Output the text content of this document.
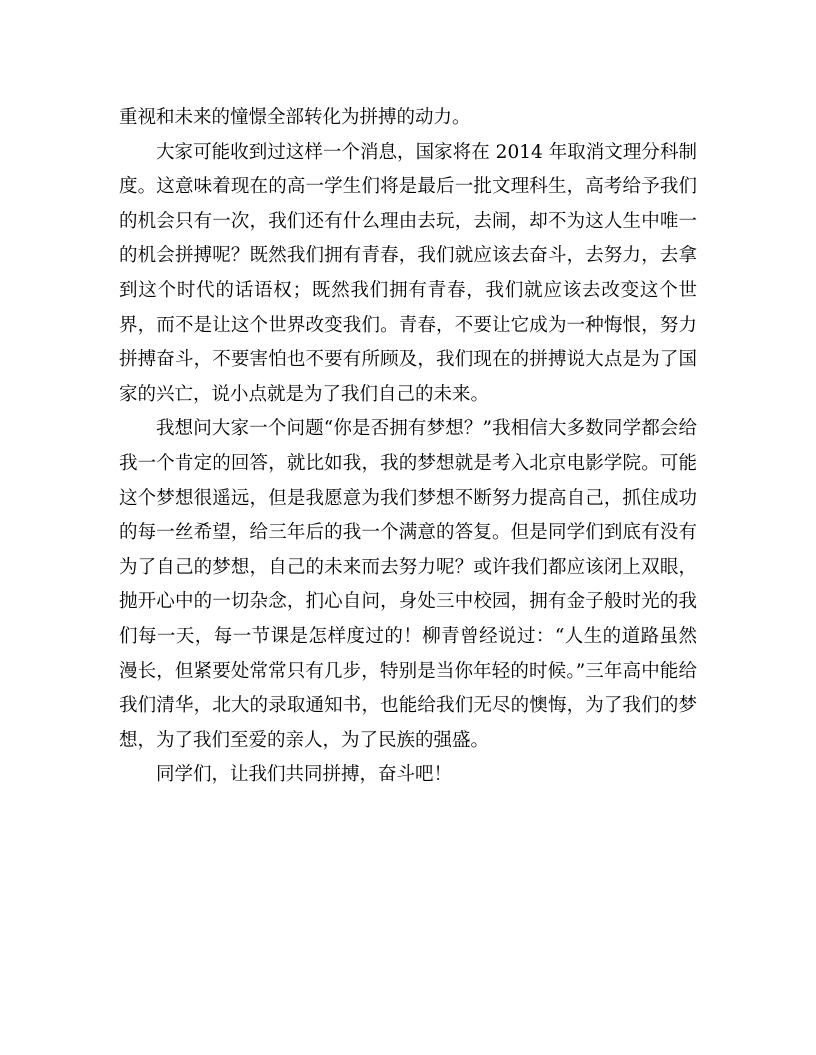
重视和未来的憧憬全部转化为拼搏的动力。

大家可能收到过这样一个消息，国家将在 2014 年取消文理分科制度。这意味着现在的高一学生们将是最后一批文理科生，高考给予我们的机会只有一次，我们还有什么理由去玩，去闹，却不为这人生中唯一的机会拼搏呢？既然我们拥有青春，我们就应该去奋斗，去努力，去拿到这个时代的话语权；既然我们拥有青春，我们就应该去改变这个世界，而不是让这个世界改变我们。青春，不要让它成为一种悔恨，努力拼搏奋斗，不要害怕也不要有所顾及，我们现在的拼搏说大点是为了国家的兴亡，说小点就是为了我们自己的未来。

我想问大家一个问题“你是否拥有梦想？”我相信大多数同学都会给我一个肯定的回答，就比如我，我的梦想就是考入北京电影学院。可能这个梦想很遥远，但是我愿意为我们梦想不断努力提高自己，抓住成功的每一丝希望，给三年后的我一个满意的答复。但是同学们到底有没有为了自己的梦想，自己的未来而去努力呢？或许我们都应该闭上双眼，抛开心中的一切杂念，扪心自问，身处三中校园，拥有金子般时光的我们每一天，每一节课是怎样度过的！柳青曾经说过：“人生的道路虽然漫长，但紧要处常常只有几步，特别是当你年轻的时候。”三年高中能给我们清华，北大的录取通知书，也能给我们无尽的懊悔，为了我们的梦想，为了我们至爱的亲人，为了民族的强盛。

同学们，让我们共同拼搏，奋斗吧！
